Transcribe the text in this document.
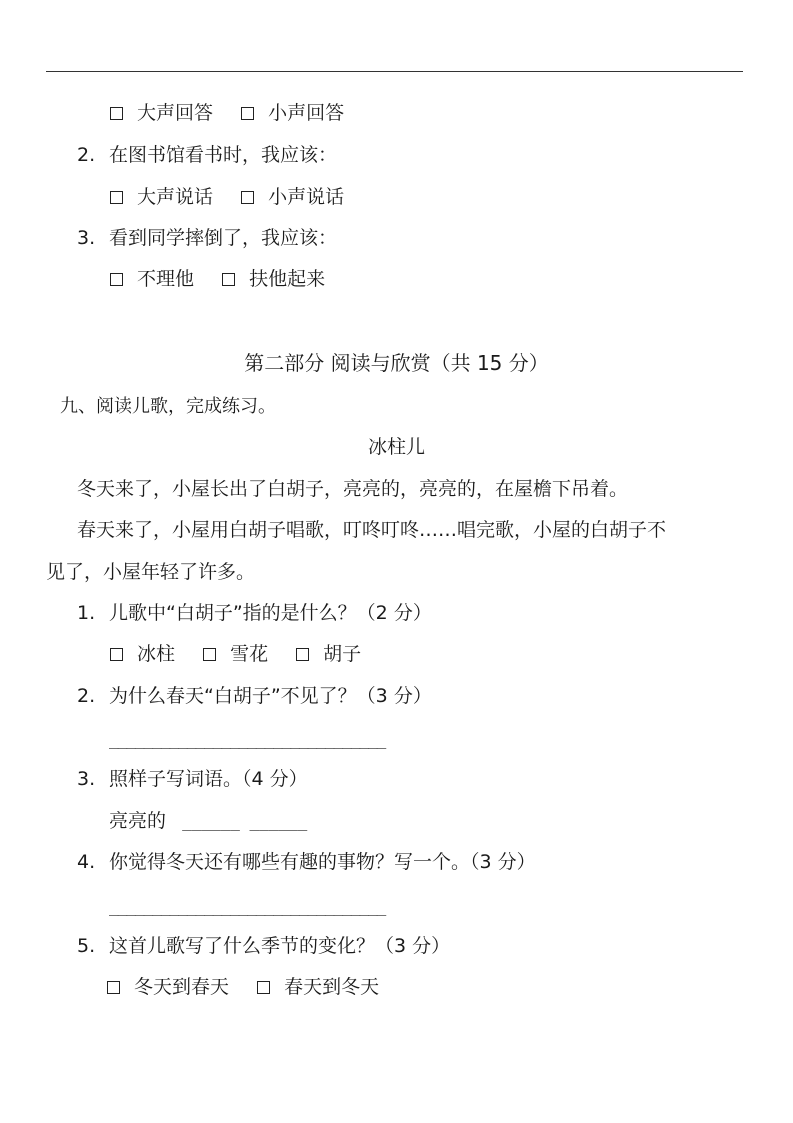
大声回答	小声回答
2. 在图书馆看书时，我应该：
大声说话	小声说话
3. 看到同学摔倒了，我应该：
不理他	扶他起来
第二部分 阅读与欣赏（共 15 分）
九、阅读儿歌，完成练习。
冰柱儿
冬天来了，小屋长出了白胡子，亮亮的，亮亮的，在屋檐下吊着。
春天来了，小屋用白胡子唱歌，叮咚叮咚……唱完歌，小屋的白胡子不
见了，小屋年轻了许多。
1. 儿歌中“白胡子”指的是什么？（2 分）
冰柱	雪花	胡子
2. 为什么春天“白胡子”不见了？（3 分）
________________________________
3. 照样子写词语。（4 分）
亮亮的 ______ ______
4. 你觉得冬天还有哪些有趣的事物？写一个。（3 分）
________________________________
5. 这首儿歌写了什么季节的变化？（3 分）
冬天到春天	春天到冬天
